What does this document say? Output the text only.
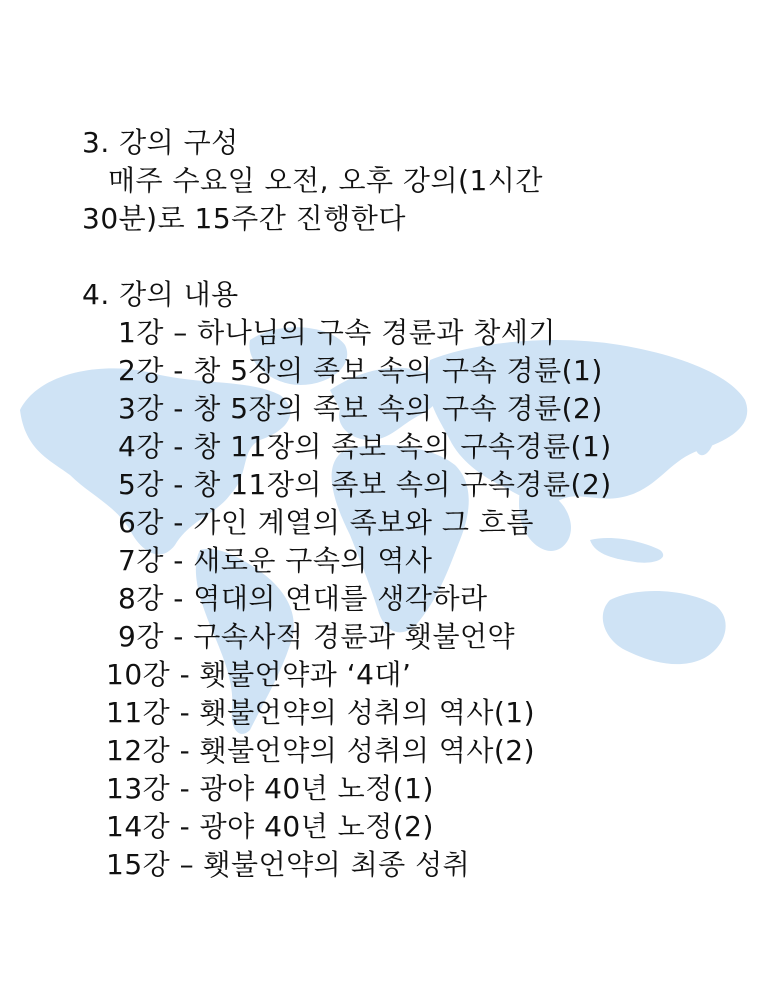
3. 강의 구성
매주 수요일 오전, 오후 강의(1시간
30분)로 15주간 진행한다
4. 강의 내용
1강 – 하나님의 구속 경륜과 창세기
2강 - 창 5장의 족보 속의 구속 경륜(1)
3강 - 창 5장의 족보 속의 구속 경륜(2)
4강 - 창 11장의 족보 속의 구속경륜(1)
5강 - 창 11장의 족보 속의 구속경륜(2)
6강 - 가인 계열의 족보와 그 흐름
7강 - 새로운 구속의 역사
8강 - 역대의 연대를 생각하라
9강 - 구속사적 경륜과 횃불언약
10강 - 횃불언약과 ‘4대’
11강 - 횃불언약의 성취의 역사(1)
12강 - 횃불언약의 성취의 역사(2)
13강 - 광야 40년 노정(1)
14강 - 광야 40년 노정(2)
15강 – 횃불언약의 최종 성취
